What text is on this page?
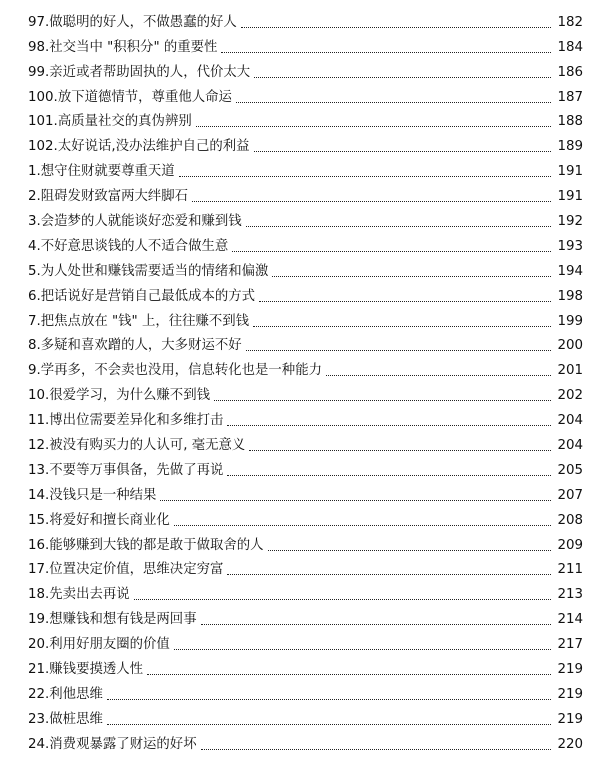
97.做聪明的好人，不做愚蠢的好人	182
98.社交当中 "积积分" 的重要性	184
99.亲近或者帮助固执的人，代价太大	186
100.放下道德情节，尊重他人命运	187
101.高质量社交的真伪辨别	188
102.太好说话,没办法维护自己的利益	189
1.想守住财就要尊重天道	191
2.阻碍发财致富两大绊脚石	191
3.会造梦的人就能谈好恋爱和赚到钱	192
4.不好意思谈钱的人不适合做生意	193
5.为人处世和赚钱需要适当的情绪和偏激	194
6.把话说好是营销自己最低成本的方式	198
7.把焦点放在 "钱" 上，往往赚不到钱	199
8.多疑和喜欢蹭的人，大多财运不好	200
9.学再多，不会卖也没用，信息转化也是一种能力	201
10.很爱学习，为什么赚不到钱	202
11.博出位需要差异化和多维打击	204
12.被没有购买力的人认可, 毫无意义	204
13.不要等万事俱备，先做了再说	205
14.没钱只是一种结果	207
15.将爱好和擅长商业化	208
16.能够赚到大钱的都是敢于做取舍的人	209
17.位置决定价值，思维决定穷富	211
18.先卖出去再说	213
19.想赚钱和想有钱是两回事	214
20.利用好朋友圈的价值	217
21.赚钱要摸透人性	219
22.利他思维	219
23.做桩思维	219
24.消费观暴露了财运的好坏	220
